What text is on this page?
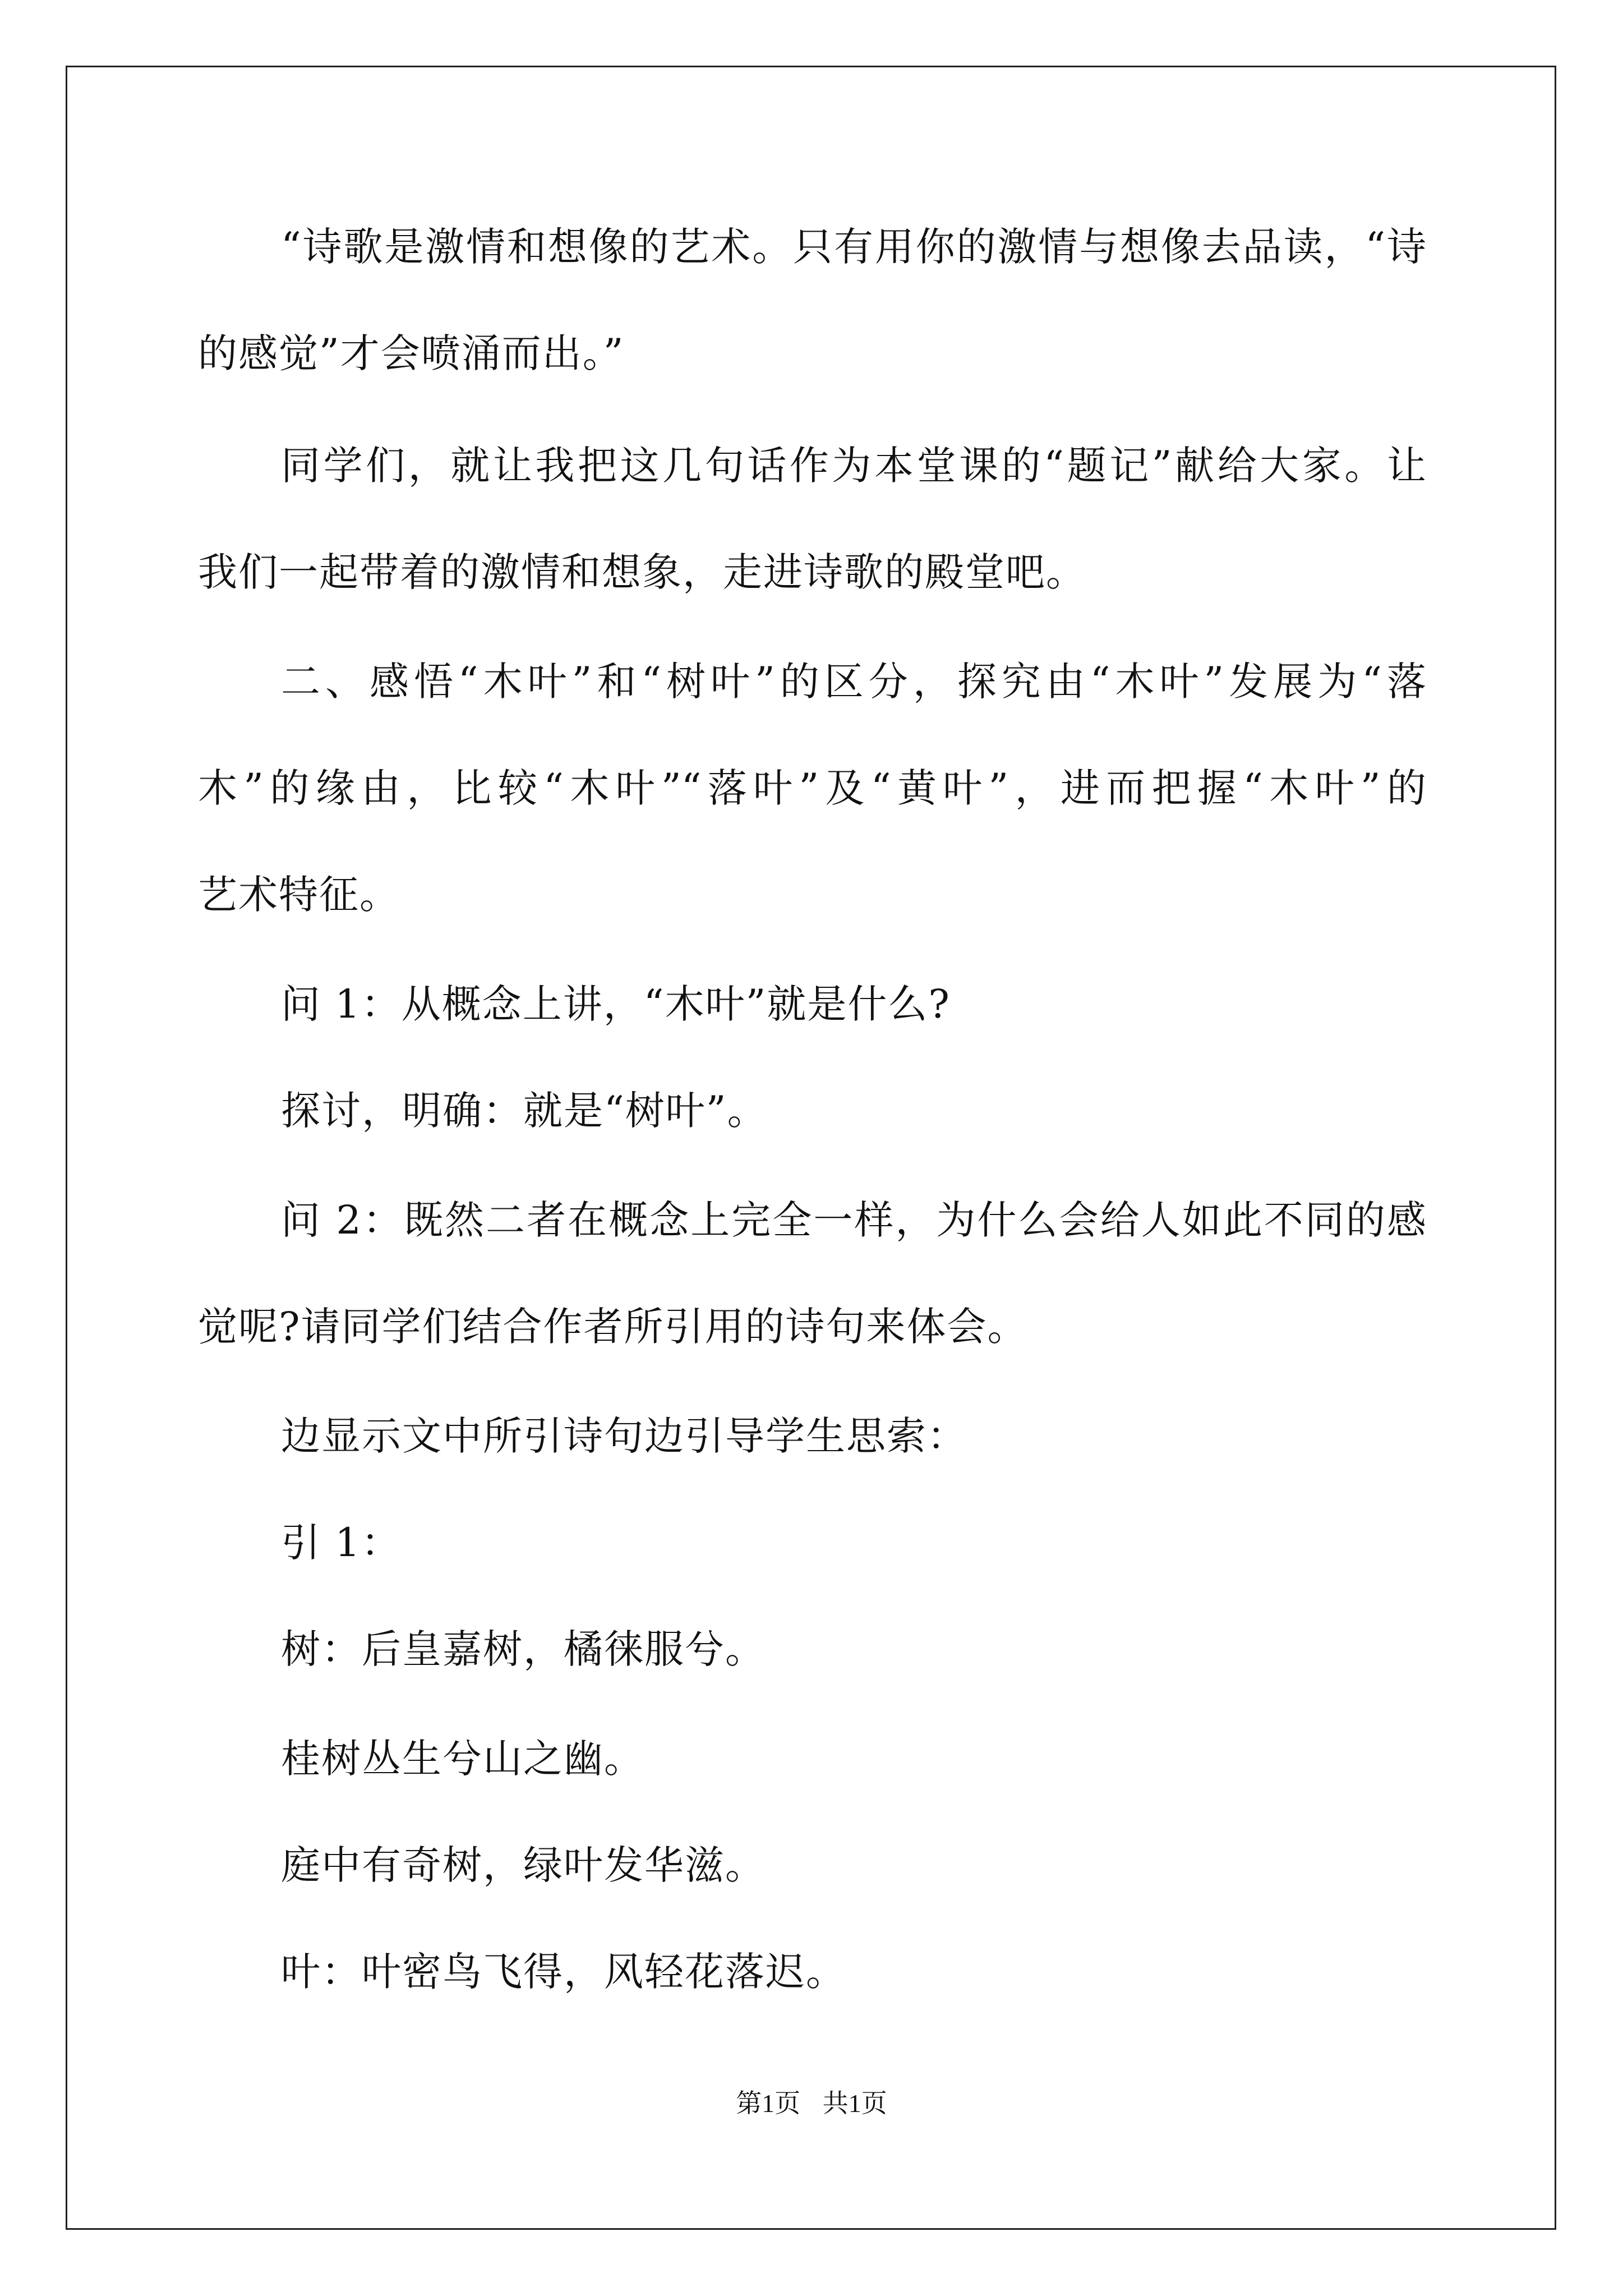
“诗歌是激情和想像的艺术。只有用你的激情与想像去品读，“诗
的感觉”才会喷涌而出。”
同学们，就让我把这几句话作为本堂课的“题记”献给大家。让
我们一起带着的激情和想象，走进诗歌的殿堂吧。
二、感悟“木叶”和“树叶”的区分，探究由“木叶”发展为“落
木”的缘由，比较“木叶”“落叶”及“黄叶”，进而把握“木叶”的
艺术特征。
问 1：从概念上讲，“木叶”就是什么?
探讨，明确：就是“树叶”。
问 2：既然二者在概念上完全一样，为什么会给人如此不同的感
觉呢?请同学们结合作者所引用的诗句来体会。
边显示文中所引诗句边引导学生思索：
引 1：
树：后皇嘉树，橘徕服兮。
桂树丛生兮山之幽。
庭中有奇树，绿叶发华滋。
叶：叶密鸟飞得，风轻花落迟。
第1页 共1页
